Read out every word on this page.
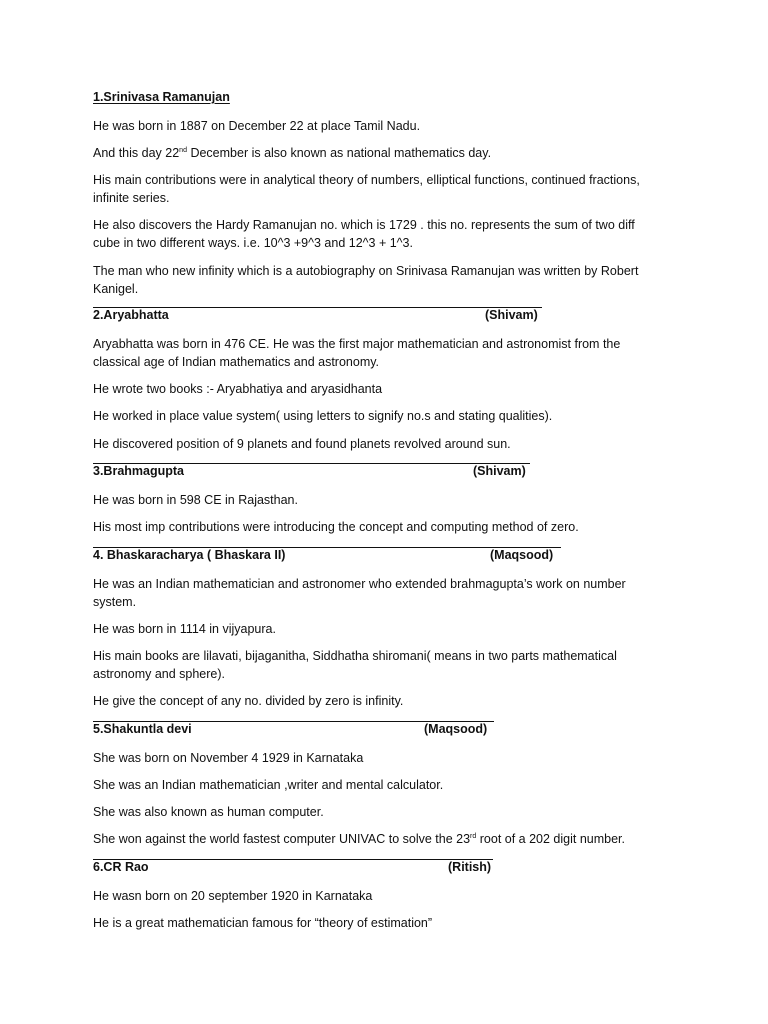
1.Srinivasa Ramanujan

He was born in 1887 on December 22 at place Tamil Nadu.

And this day 22nd December is also known as national mathematics day.

His main contributions were in analytical theory of numbers, elliptical functions, continued fractions,

infinite series.

He also discovers the Hardy Ramanujan no. which is 1729 . this no. represents the sum of two diff

cube in two different ways. i.e. 10^3 +9^3 and 12^3 + 1^3.

The man who new infinity which is a autobiography on Srinivasa Ramanujan was written by Robert

Kanigel.

2.Aryabhatta	(Shivam)

Aryabhatta was born in 476 CE. He was the first major mathematician and astronomist from the

classical age of Indian mathematics and astronomy.

He wrote two books :- Aryabhatiya and aryasidhanta

He worked in place value system( using letters to signify no.s and stating qualities).

He discovered position of 9 planets and found planets revolved around sun.

3.Brahmagupta	(Shivam)

He was born in 598 CE in Rajasthan.

His most imp contributions were introducing the concept and computing method of zero.

4. Bhaskaracharya ( Bhaskara II)	(Maqsood)

He was an Indian mathematician and astronomer who extended brahmagupta’s work on number

system.

He was born in 1114 in vijyapura.

His main books are lilavati, bijaganitha, Siddhatha shiromani( means in two parts mathematical

astronomy and sphere).

He give the concept of any no. divided by zero is infinity.

5.Shakuntla devi	(Maqsood)

She was born on November 4 1929 in Karnataka

She was an Indian mathematician ,writer and mental calculator.

She was also known as human computer.

She won against the world fastest computer UNIVAC to solve the 23rd root of a 202 digit number.

6.CR Rao	(Ritish)

He wasn born on 20 september 1920 in Karnataka

He is a great mathematician famous for “theory of estimation”
